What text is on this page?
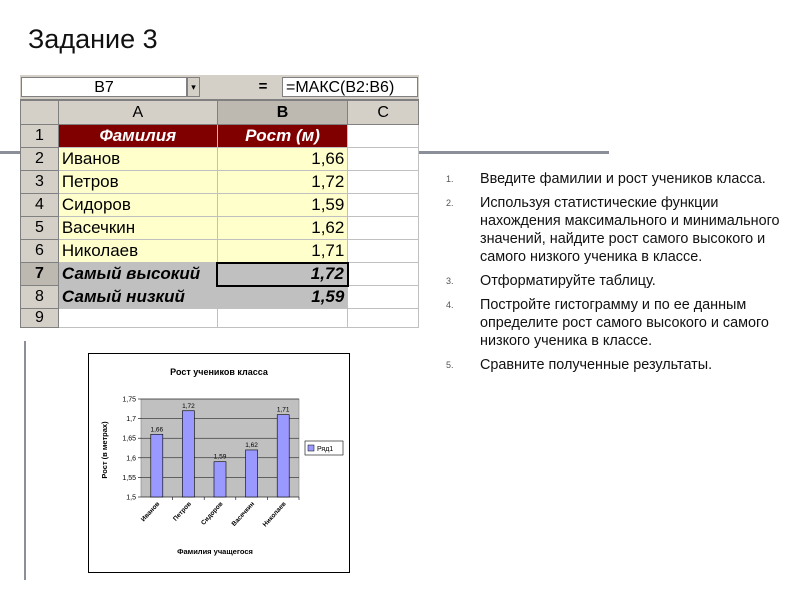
Задание 3
B7	▾	=	=МАКС(B2:B6)
	A	B	C
1	Фамилия	Рост (м)	
2	Иванов	1,66	
3	Петров	1,72	
4	Сидоров	1,59	
5	Васечкин	1,62	
6	Николаев	1,71	
7	Самый высокий	1,72	
8	Самый низкий	1,59	
9			
Рост учеников класса
Фамилия учащегося
Рост (в метрах)
1,5
1,55
1,6
1,65
1,7
1,75
1,66
Иванов
1,72
Петров
1,59
Сидоров
1,62
Васечкин
1,71
Николаев
Ряд1
1.	Введите фамилии и рост учеников класса.
2.	Используя статистические функции нахождения максимального и минимального значений, найдите рост самого высокого и самого низкого ученика в классе.
3.	Отформатируйте таблицу.
4.	Постройте гистограмму и по ее данным определите рост самого высокого и самого низкого ученика в классе.
5.	Сравните полученные результаты.
